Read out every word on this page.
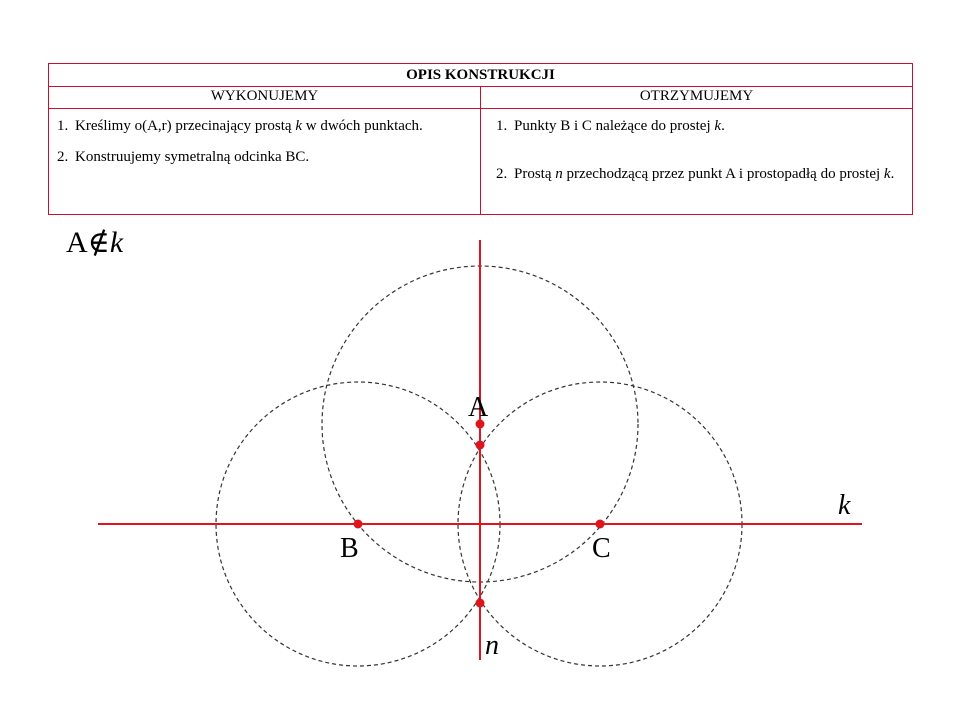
OPIS KONSTRUKCJI
WYKONUJEMY	OTRZYMUJEMY
1. Kreślimy o(A,r) przecinający prostą k w dwóch punktach.
2. Konstruujemy symetralną odcinka BC.
1. Punkty B i C należące do prostej k.
2. Prostą n przechodzącą przez punkt A i prostopadłą do prostej k.
A∉k
A
B	C
k
n
